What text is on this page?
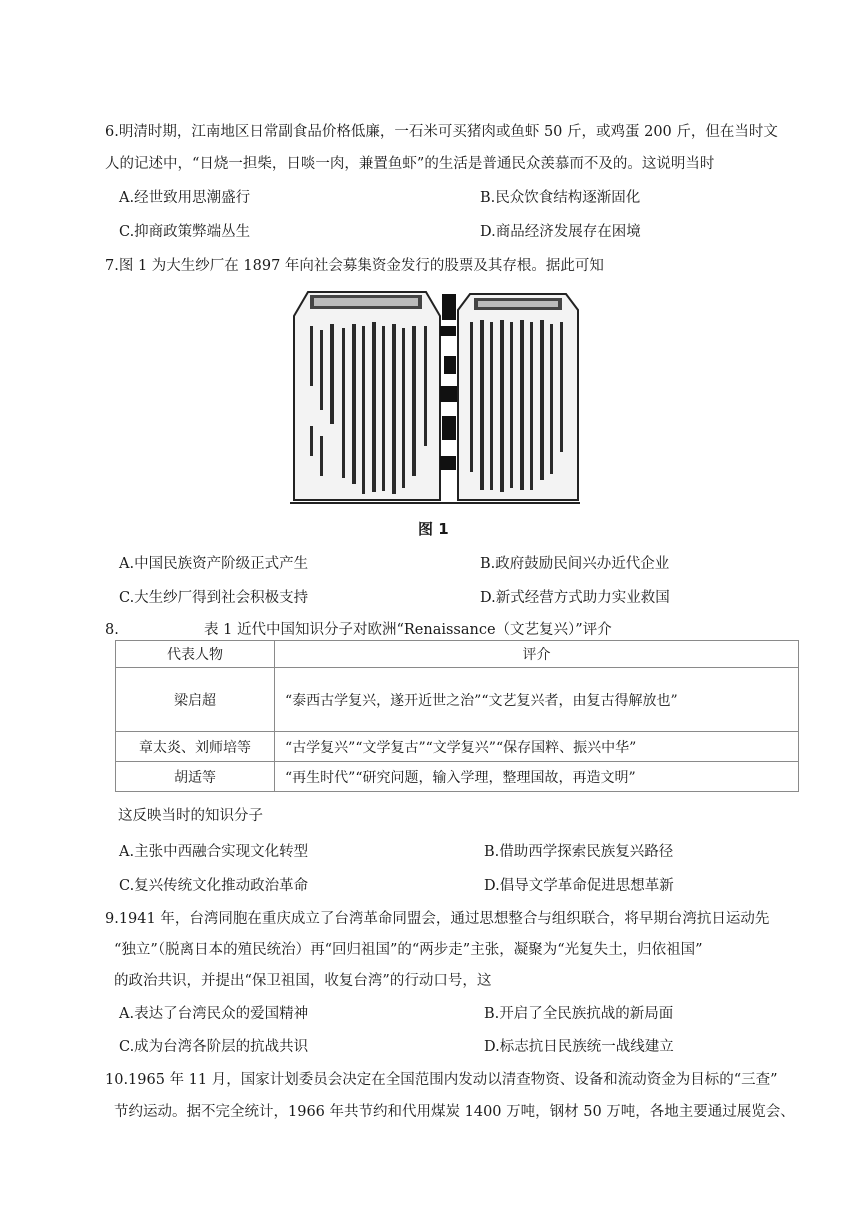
6.明清时期，江南地区日常副食品价格低廉，一石米可买猪肉或鱼虾 50 斤，或鸡蛋 200 斤，但在当时文
人的记述中，“日烧一担柴，日啖一肉，兼置鱼虾”的生活是普通民众羡慕而不及的。这说明当时
A.经世致用思潮盛行	B.民众饮食结构逐渐固化
C.抑商政策弊端丛生	D.商品经济发展存在困境
7.图 1 为大生纱厂在 1897 年向社会募集资金发行的股票及其存根。据此可知
图 1
A.中国民族资产阶级正式产生	B.政府鼓励民间兴办近代企业
C.大生纱厂得到社会积极支持	D.新式经营方式助力实业救国
8.	表 1 近代中国知识分子对欧洲“Renaissance（文艺复兴）”评介
代表人物	评介
梁启超	“泰西古学复兴，遂开近世之治”“文艺复兴者，由复古得解放也”
章太炎、刘师培等	“古学复兴”“文学复古”“文学复兴”“保存国粹、振兴中华”
胡适等	“再生时代”“研究问题，输入学理，整理国故，再造文明”
这反映当时的知识分子
A.主张中西融合实现文化转型	B.借助西学探索民族复兴路径
C.复兴传统文化推动政治革命	D.倡导文学革命促进思想革新
9.1941 年，台湾同胞在重庆成立了台湾革命同盟会，通过思想整合与组织联合，将早期台湾抗日运动先
“独立”（脱离日本的殖民统治）再“回归祖国”的“两步走”主张，凝聚为“光复失土，归依祖国”
的政治共识，并提出“保卫祖国，收复台湾”的行动口号，这
A.表达了台湾民众的爱国精神	B.开启了全民族抗战的新局面
C.成为台湾各阶层的抗战共识	D.标志抗日民族统一战线建立
10.1965 年 11 月，国家计划委员会决定在全国范围内发动以清查物资、设备和流动资金为目标的“三查”
节约运动。据不完全统计，1966 年共节约和代用煤炭 1400 万吨，钢材 50 万吨，各地主要通过展览会、
